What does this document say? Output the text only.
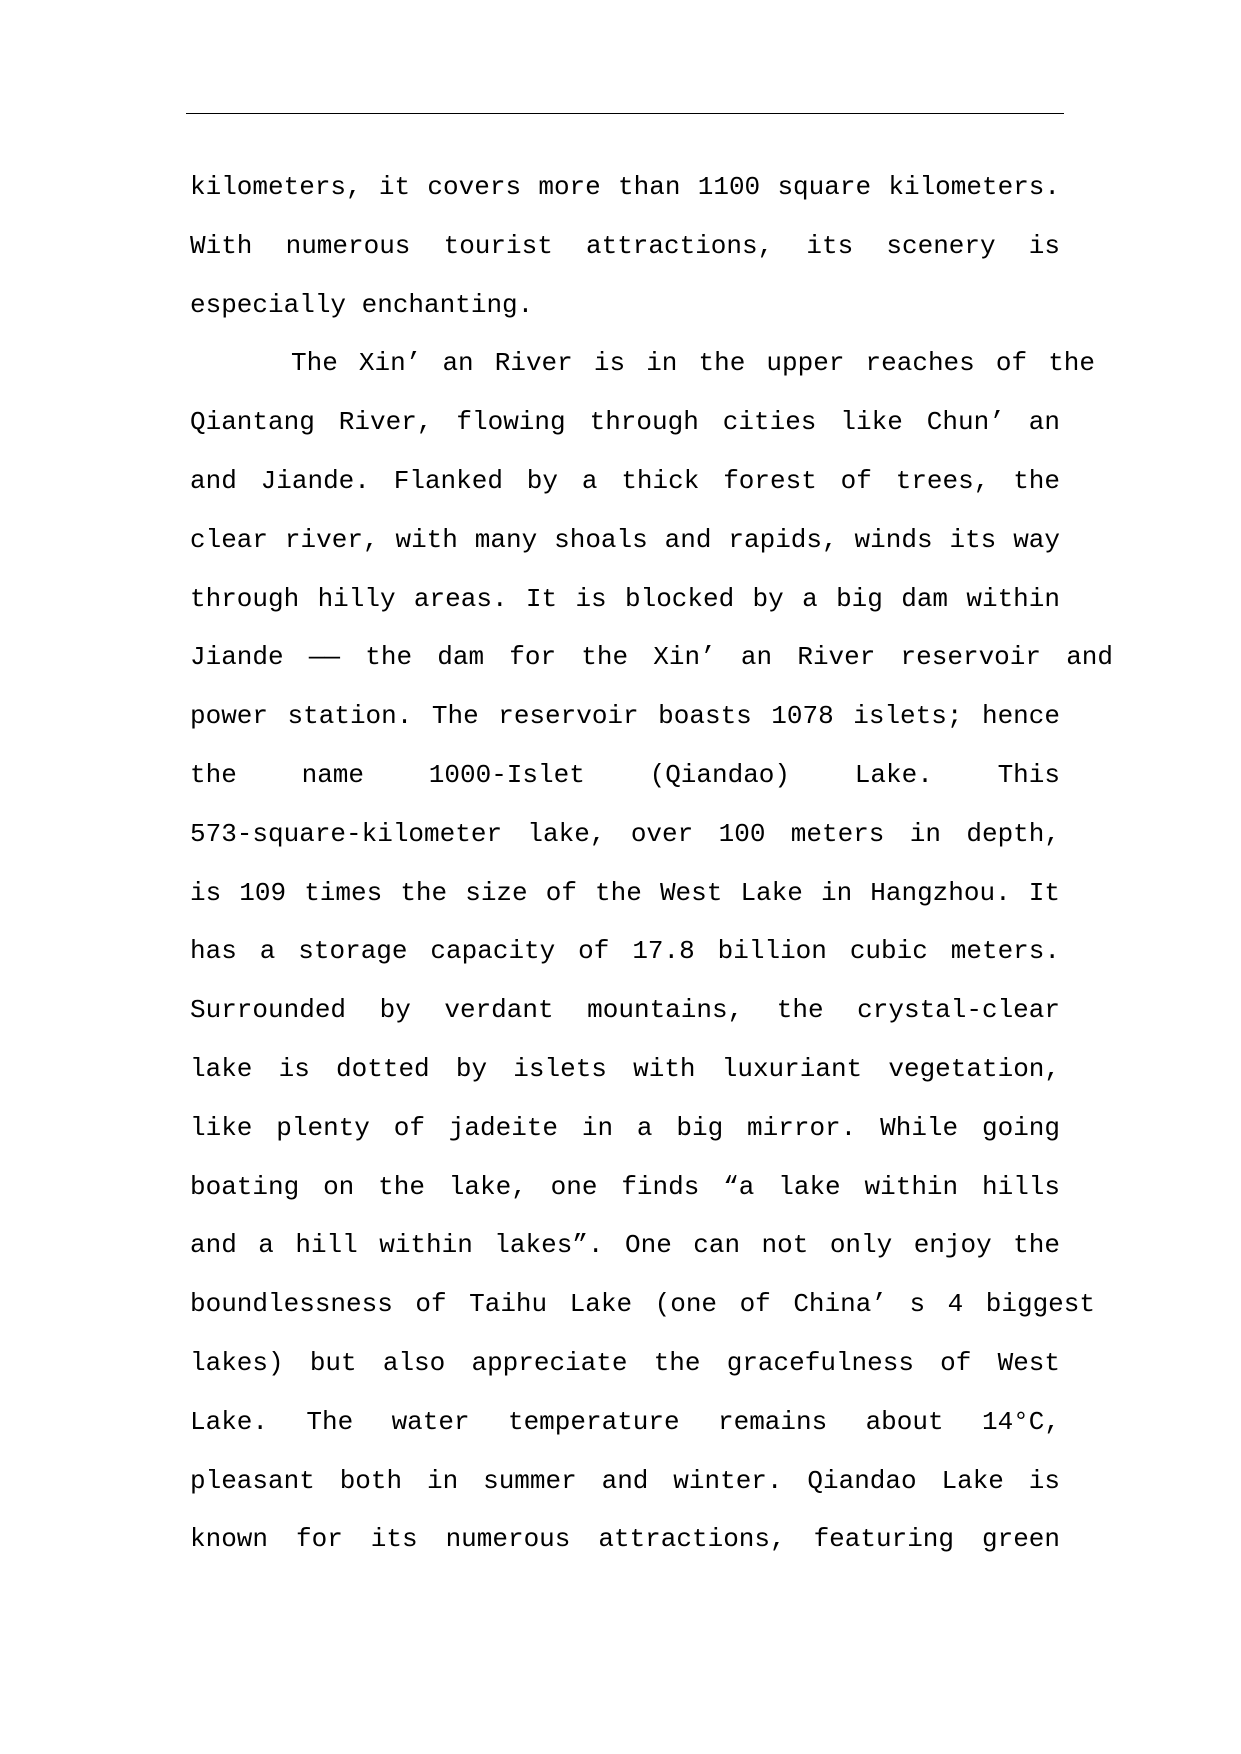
kilometers, it covers more than 1100 square kilometers.
With numerous tourist attractions, its scenery is
especially enchanting.
The Xin’ an River is in the upper reaches of the
Qiantang River, flowing through cities like Chun’ an
and Jiande. Flanked by a thick forest of trees, the
clear river, with many shoals and rapids, winds its way
through hilly areas. It is blocked by a big dam within
Jiande —— the dam for the Xin’ an River reservoir and
power station. The reservoir boasts 1078 islets; hence
the name 1000-Islet (Qiandao) Lake. This
573-square-kilometer lake, over 100 meters in depth,
is 109 times the size of the West Lake in Hangzhou. It
has a storage capacity of 17.8 billion cubic meters.
Surrounded by verdant mountains, the crystal-clear
lake is dotted by islets with luxuriant vegetation,
like plenty of jadeite in a big mirror. While going
boating on the lake, one finds “a lake within hills
and a hill within lakes”. One can not only enjoy the
boundlessness of Taihu Lake (one of China’ s 4 biggest
lakes) but also appreciate the gracefulness of West
Lake. The water temperature remains about 14°C,
pleasant both in summer and winter. Qiandao Lake is
known for its numerous attractions, featuring green
